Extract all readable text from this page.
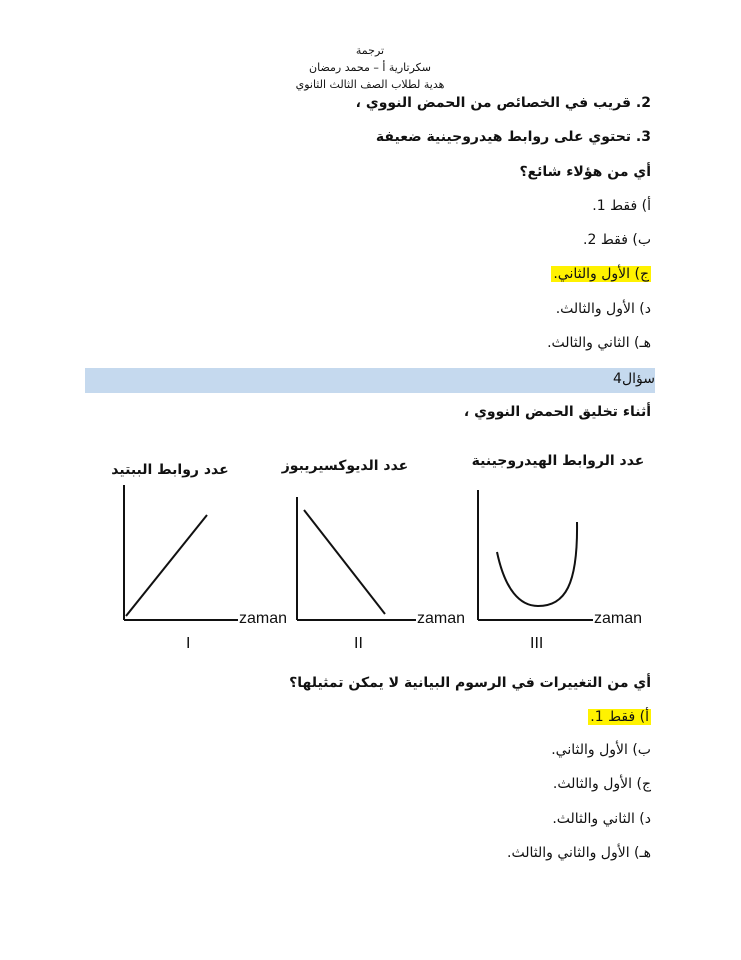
ترجمة
سكرتارية أ – محمد رمضان
هدية لطلاب الصف الثالث الثانوي
2. قريب في الخصائص من الحمض النووي ،
3. تحتوي على روابط هيدروجينية ضعيفة
أي من هؤلاء شائع؟
أ) فقط 1.
ب) فقط 2.
ج) الأول والثاني.
د) الأول والثالث.
هـ) الثاني والثالث.
سؤال4
أثناء تخليق الحمض النووي ،
عدد روابط الببتيد	عدد الديوكسيريبوز	عدد الروابط الهيدروجينية
zaman	zaman	zaman
I	II	III
أي من التغييرات في الرسوم البيانية لا يمكن تمثيلها؟
أ) فقط 1.
ب) الأول والثاني.
ج) الأول والثالث.
د) الثاني والثالث.
هـ) الأول والثاني والثالث.
